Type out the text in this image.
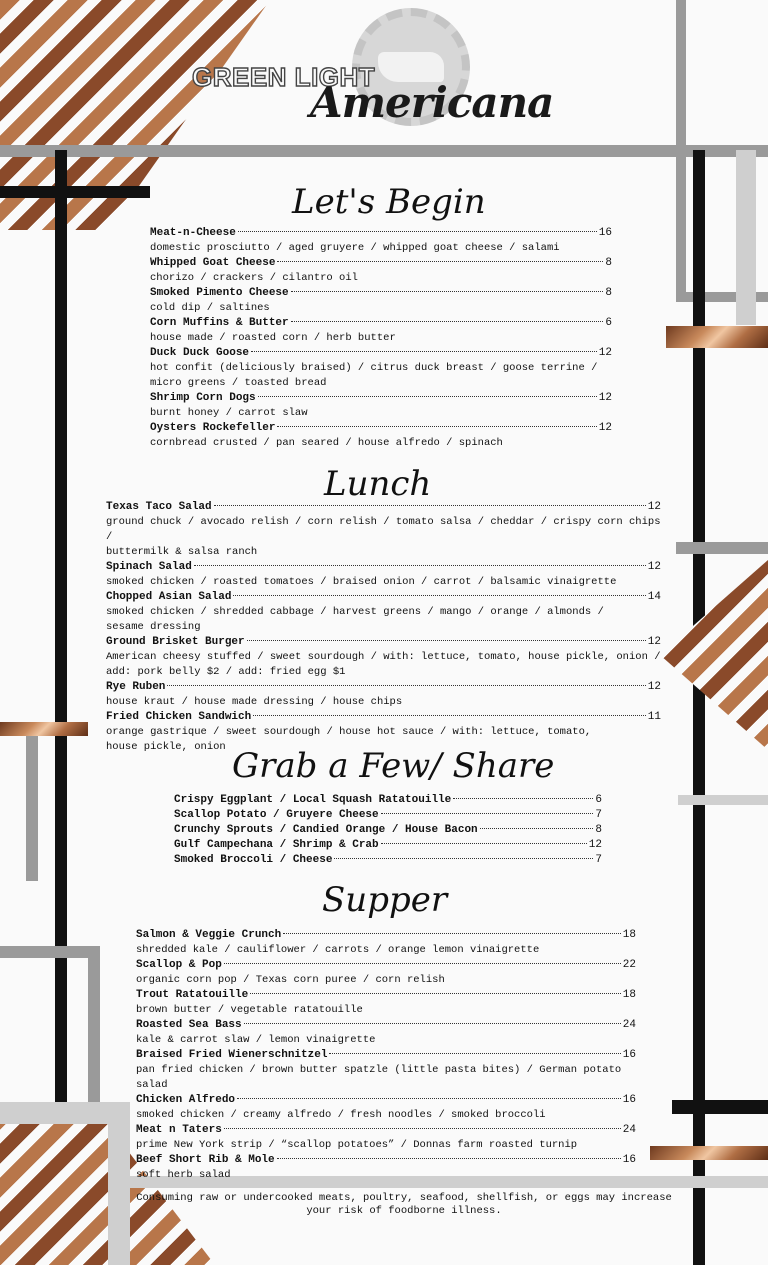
GREEN LIGHT
Americana
Let's Begin
Lunch
Grab a Few/ Share
Supper
Meat-n-Cheese	16
domestic prosciutto / aged gruyere / whipped goat cheese / salami
Whipped Goat Cheese	8
chorizo / crackers / cilantro oil
Smoked Pimento Cheese	8
cold dip / saltines
Corn Muffins & Butter	6
house made / roasted corn / herb butter
Duck Duck Goose	12
hot confit (deliciously braised) / citrus duck breast / goose terrine /
micro greens / toasted bread
Shrimp Corn Dogs	12
burnt honey / carrot slaw
Oysters Rockefeller	12
cornbread crusted / pan seared / house alfredo / spinach
Texas Taco Salad	12
ground chuck / avocado relish / corn relish / tomato salsa / cheddar / crispy corn chips /
buttermilk & salsa ranch
Spinach Salad	12
smoked chicken / roasted tomatoes / braised onion / carrot / balsamic vinaigrette
Chopped Asian Salad	14
smoked chicken / shredded cabbage / harvest greens / mango / orange / almonds /
sesame dressing
Ground Brisket Burger	12
American cheesy stuffed / sweet sourdough / with: lettuce, tomato, house pickle, onion /
add: pork belly $2 / add: fried egg $1
Rye Ruben	12
house kraut / house made dressing / house chips
Fried Chicken Sandwich	11
orange gastrique / sweet sourdough / house hot sauce / with: lettuce, tomato,
house pickle, onion
Crispy Eggplant / Local Squash Ratatouille	6
Scallop Potato / Gruyere Cheese	7
Crunchy Sprouts / Candied Orange / House Bacon	8
Gulf Campechana / Shrimp & Crab	12
Smoked Broccoli / Cheese	7
Salmon & Veggie Crunch	18
shredded kale / cauliflower / carrots / orange lemon vinaigrette
Scallop & Pop	22
organic corn pop / Texas corn puree / corn relish
Trout Ratatouille	18
brown butter / vegetable ratatouille
Roasted Sea Bass	24
kale & carrot slaw / lemon vinaigrette
Braised Fried Wienerschnitzel	16
pan fried chicken / brown butter spatzle (little pasta bites) / German potato salad
Chicken Alfredo	16
smoked chicken / creamy alfredo / fresh noodles / smoked broccoli
Meat n Taters	24
prime New York strip / “scallop potatoes” / Donnas farm roasted turnip
Beef Short Rib & Mole	16
soft herb salad
Consuming raw or undercooked meats, poultry, seafood, shellfish, or eggs may increase your risk of foodborne illness.
